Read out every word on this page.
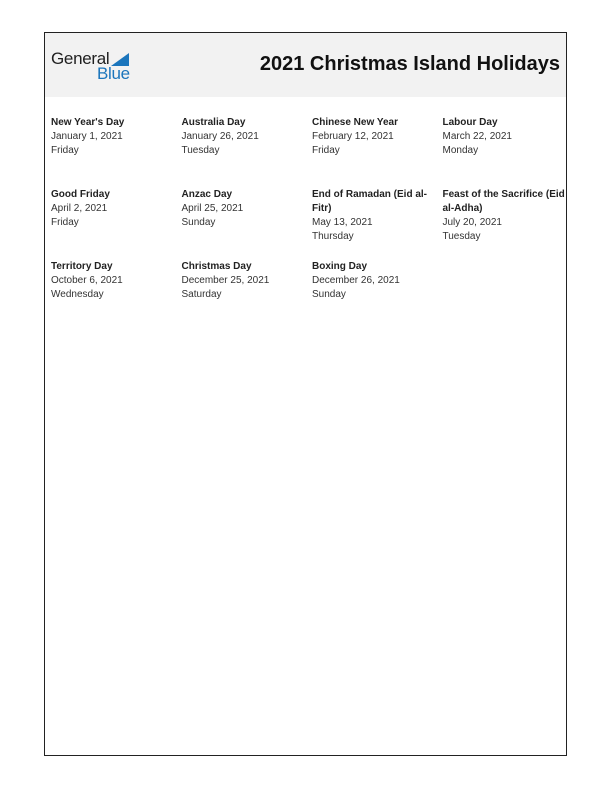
General
Blue	2021 Christmas Island Holidays
New Year's Day
January 1, 2021
Friday
Australia Day
January 26, 2021
Tuesday
Chinese New Year
February 12, 2021
Friday
Labour Day
March 22, 2021
Monday
Good Friday
April 2, 2021
Friday
Anzac Day
April 25, 2021
Sunday
End of Ramadan (Eid al-Fitr)
May 13, 2021
Thursday
Feast of the Sacrifice (Eid al-Adha)
July 20, 2021
Tuesday
Territory Day
October 6, 2021
Wednesday
Christmas Day
December 25, 2021
Saturday
Boxing Day
December 26, 2021
Sunday
